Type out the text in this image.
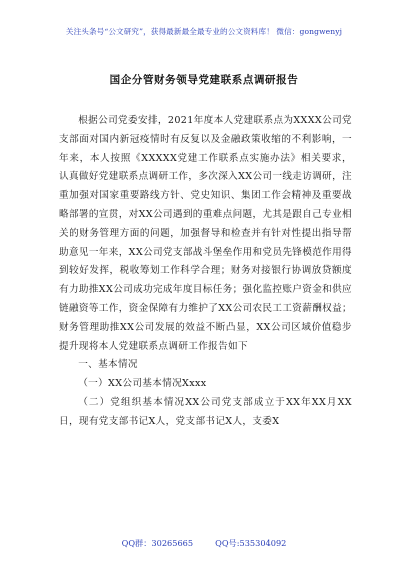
关注头条号“公文研究”，获得最新最全最专业的公文资料库！ 微信：gongwenyj
国企分管财务领导党建联系点调研报告

根据公司党委安排，2021年度本人党建联系点为XXXX公司党支部面对国内新冠疫情时有反复以及金融政策收缩的不利影响，一年来，本人按照《XXXXX党建工作联系点实施办法》相关要求，认真做好党建联系点调研工作，多次深入XX公司一线走访调研，注重加强对国家重要路线方针、党史知识、集团工作会精神及重要战略部署的宣贯，对XX公司遇到的重难点问题，尤其是跟自己专业相关的财务管理方面的问题，加强督导和检查并有针对性提出指导帮助意见一年来，XX公司党支部战斗堡垒作用和党员先锋模范作用得到较好发挥，税收筹划工作科学合理；财务对接银行协调放贷额度有力助推XX公司成功完成年度目标任务；强化监控账户资金和供应链融资等工作，资金保障有力维护了XX公司农民工工资薪酬权益；财务管理助推XX公司发展的效益不断凸显，XX公司区域价值稳步提升现将本人党建联系点调研工作报告如下

一、基本情况

（一）XX公司基本情况Xxxx

（二）党组织基本情况XX公司党支部成立于XX年XX月XX日，现有党支部书记X人，党支部书记X人，支委X

QQ群：30265665	QQ号:535304092
